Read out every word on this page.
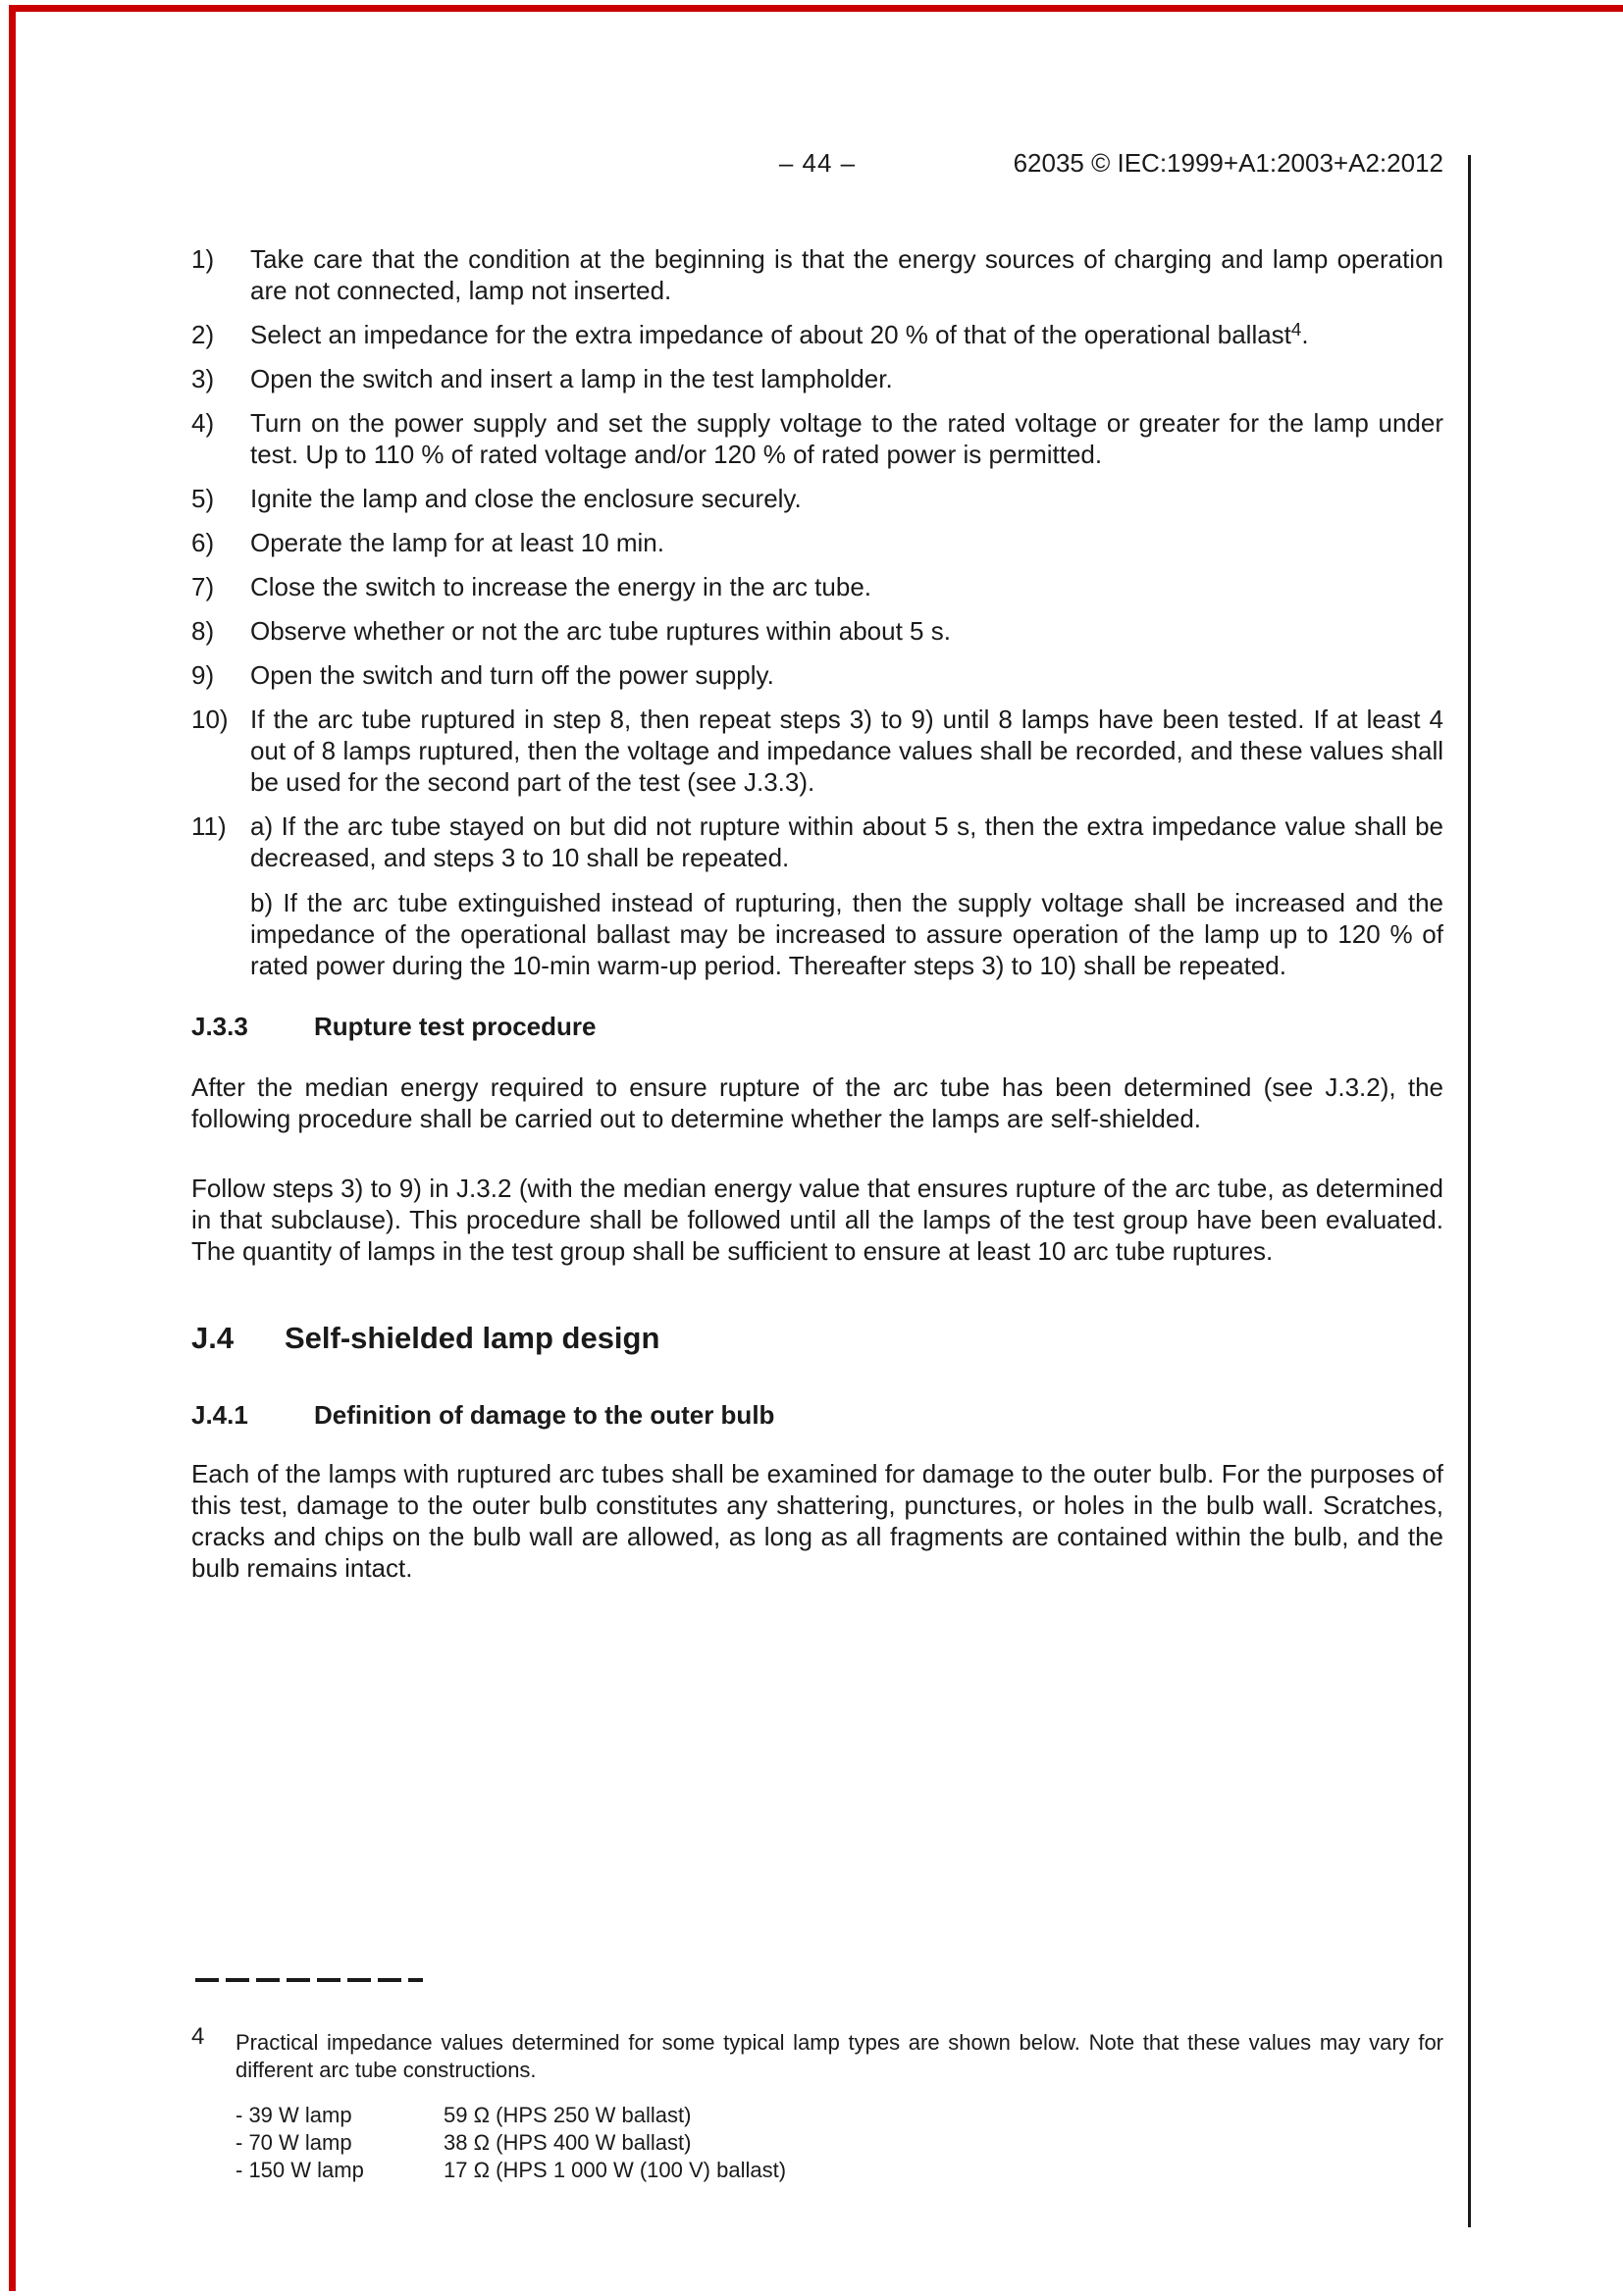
– 44 –	62035 © IEC:1999+A1:2003+A2:2012
1)	Take care that the condition at the beginning is that the energy sources of charging and lamp operation are not connected, lamp not inserted.
2)	Select an impedance for the extra impedance of about 20 % of that of the operational ballast$^4$.
3)	Open the switch and insert a lamp in the test lampholder.
4)	Turn on the power supply and set the supply voltage to the rated voltage or greater for the lamp under test. Up to 110 % of rated voltage and/or 120 % of rated power is permitted.
5)	Ignite the lamp and close the enclosure securely.
6)	Operate the lamp for at least 10 min.
7)	Close the switch to increase the energy in the arc tube.
8)	Observe whether or not the arc tube ruptures within about 5 s.
9)	Open the switch and turn off the power supply.
10) If the arc tube ruptured in step 8, then repeat steps 3) to 9) until 8 lamps have been tested. If at least 4 out of 8 lamps ruptured, then the voltage and impedance values shall be recorded, and these values shall be used for the second part of the test (see J.3.3).
11) a) If the arc tube stayed on but did not rupture within about 5 s, then the extra impedance value shall be decreased, and steps 3 to 10 shall be repeated.
b) If the arc tube extinguished instead of rupturing, then the supply voltage shall be increased and the impedance of the operational ballast may be increased to assure operation of the lamp up to 120 % of rated power during the 10-min warm-up period. Thereafter steps 3) to 10) shall be repeated.
J.3.3	Rupture test procedure
After the median energy required to ensure rupture of the arc tube has been determined (see J.3.2), the following procedure shall be carried out to determine whether the lamps are self-shielded.
Follow steps 3) to 9) in J.3.2 (with the median energy value that ensures rupture of the arc tube, as determined in that subclause). This procedure shall be followed until all the lamps of the test group have been evaluated. The quantity of lamps in the test group shall be sufficient to ensure at least 10 arc tube ruptures.
J.4	Self-shielded lamp design
J.4.1	Definition of damage to the outer bulb
Each of the lamps with ruptured arc tubes shall be examined for damage to the outer bulb. For the purposes of this test, damage to the outer bulb constitutes any shattering, punctures, or holes in the bulb wall. Scratches, cracks and chips on the bulb wall are allowed, as long as all fragments are contained within the bulb, and the bulb remains intact.
4	Practical impedance values determined for some typical lamp types are shown below. Note that these values may vary for different arc tube constructions.
- 39 W lamp	59 Ω (HPS 250 W ballast)
- 70 W lamp	38 Ω (HPS 400 W ballast)
- 150 W lamp	17 Ω (HPS 1 000 W (100 V) ballast)
